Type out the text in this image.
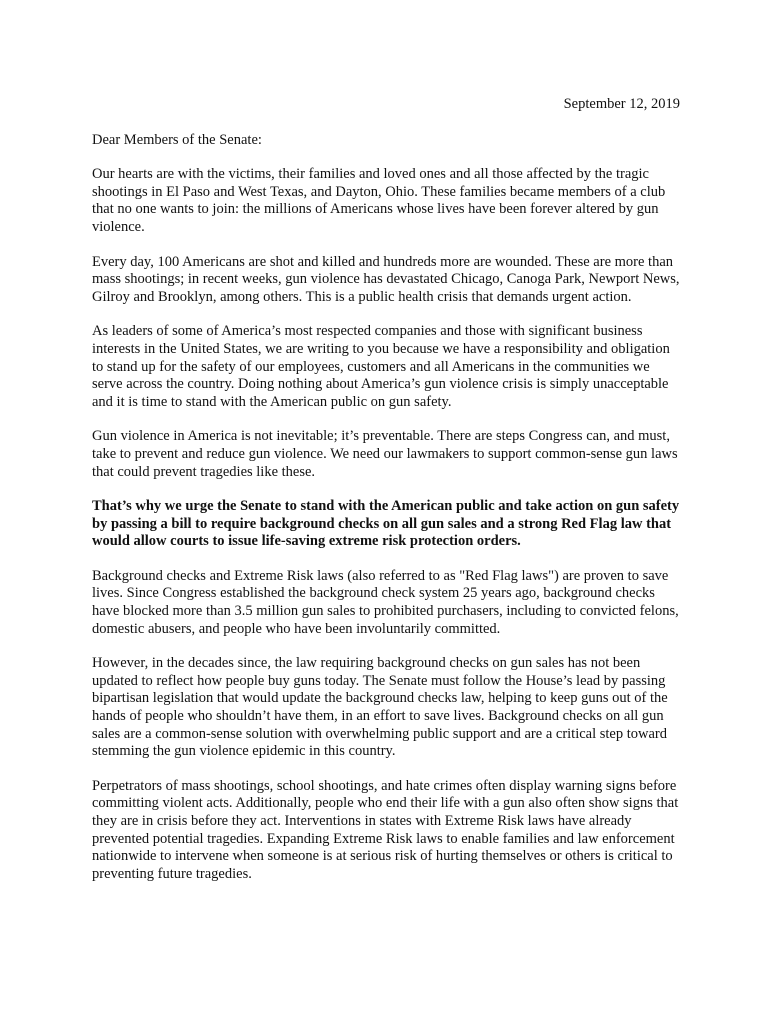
September 12, 2019

Dear Members of the Senate:

Our hearts are with the victims, their families and loved ones and all those affected by the tragic shootings in El Paso and West Texas, and Dayton, Ohio. These families became members of a club that no one wants to join: the millions of Americans whose lives have been forever altered by gun violence.

Every day, 100 Americans are shot and killed and hundreds more are wounded. These are more than mass shootings; in recent weeks, gun violence has devastated Chicago, Canoga Park, Newport News, Gilroy and Brooklyn, among others. This is a public health crisis that demands urgent action.

As leaders of some of America’s most respected companies and those with significant business interests in the United States, we are writing to you because we have a responsibility and obligation to stand up for the safety of our employees, customers and all Americans in the communities we serve across the country. Doing nothing about America’s gun violence crisis is simply unacceptable and it is time to stand with the American public on gun safety.

Gun violence in America is not inevitable; it’s preventable. There are steps Congress can, and must, take to prevent and reduce gun violence. We need our lawmakers to support common-sense gun laws that could prevent tragedies like these.

That’s why we urge the Senate to stand with the American public and take action on gun safety by passing a bill to require background checks on all gun sales and a strong Red Flag law that would allow courts to issue life-saving extreme risk protection orders.

Background checks and Extreme Risk laws (also referred to as "Red Flag laws") are proven to save lives. Since Congress established the background check system 25 years ago, background checks have blocked more than 3.5 million gun sales to prohibited purchasers, including to convicted felons, domestic abusers, and people who have been involuntarily committed.

However, in the decades since, the law requiring background checks on gun sales has not been updated to reflect how people buy guns today. The Senate must follow the House’s lead by passing bipartisan legislation that would update the background checks law, helping to keep guns out of the hands of people who shouldn’t have them, in an effort to save lives. Background checks on all gun sales are a common-sense solution with overwhelming public support and are a critical step toward stemming the gun violence epidemic in this country.

Perpetrators of mass shootings, school shootings, and hate crimes often display warning signs before committing violent acts. Additionally, people who end their life with a gun also often show signs that they are in crisis before they act. Interventions in states with Extreme Risk laws have already prevented potential tragedies. Expanding Extreme Risk laws to enable families and law enforcement nationwide to intervene when someone is at serious risk of hurting themselves or others is critical to preventing future tragedies.
